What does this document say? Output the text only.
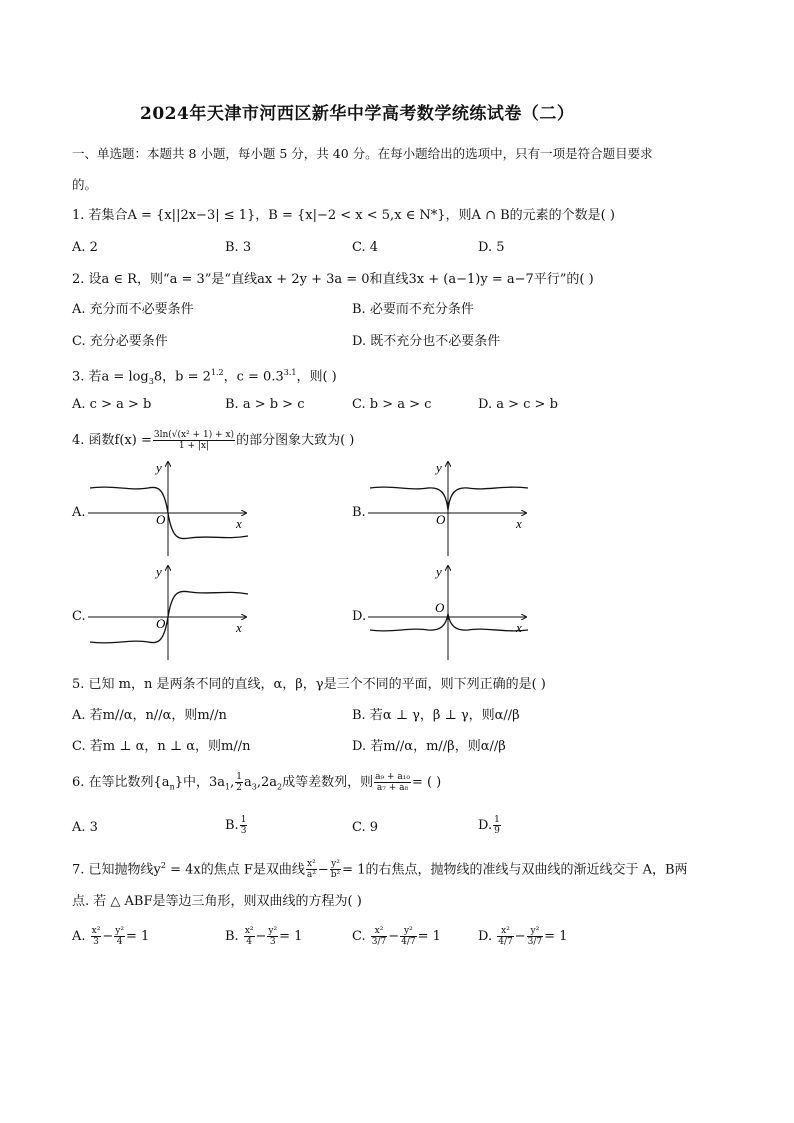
2024年天津市河西区新华中学高考数学统练试卷（二）
一、单选题：本题共 8 小题，每小题 5 分，共 40 分。在每小题给出的选项中，只有一项是符合题目要求
的。
1. 若集合A = {x||2x−3| ≤ 1}，B = {x|−2 < x < 5,x ∈ N*}，则A ∩ B的元素的个数是( )
A. 2	B. 3	C. 4	D. 5
2. 设a ∈ R，则“a = 3”是“直线ax + 2y + 3a = 0和直线3x + (a−1)y = a−7平行”的( )
A. 充分而不必要条件	B. 必要而不充分条件
C. 充分必要条件	D. 既不充分也不必要条件
3. 若$a = \log_38$，$b = 2^{1.2}$，$c = 0.3^{3.1}$，则( )
A. c > a > b	B. a > b > c	C. b > a > c	D. a > c > b
4. 函数$f(x) = \frac{\text{3ln(√(x² + 1) + x)}}{1 + |x|}$ 的部分图象大致为( )
A.	B.
C.	D.
y
x
O
y
x
O
y
x
O
y
x
O
5. 已知 m，n 是两条不同的直线，α，β，γ是三个不同的平面，则下列正确的是( )
A. 若m//α，n//α，则m//n	B. 若α ⊥ γ，β ⊥ γ，则α//β
C. 若m ⊥ α，n ⊥ α，则m//n	D. 若m//α，m//β，则α//β
6. 在等比数列$\{a_n\}$中，$3a_1$, $\frac{1}{2} a_3,2a_2$成等差数列，则 $\frac{\text{a₉ + a₁₀}}{\text{a₇ + a₈}}$ = ( )
A. 3	B. $\frac{1}{3}$	C. 9	D. $\frac{1}{9}$
7. 已知抛物线$y^2 = 4x$的焦点 F是双曲线 $\frac{\text{x²}}{\text{a²}} - \frac{\text{y²}}{\text{b²}} = 1$的右焦点，抛物线的准线与双曲线的渐近线交于 A，B两
点. 若 △ ABF是等边三角形，则双曲线的方程为( )
A. $\frac{\text{x²}}{3} - \frac{\text{y²}}{4} = 1$	B. $\frac{\text{x²}}{4} - \frac{\text{y²}}{3} = 1$	C. $\frac{\text{x²}}{3/7} - \frac{\text{y²}}{4/7} = 1$	D. $\frac{\text{x²}}{4/7} - \frac{\text{y²}}{3/7} = 1$
